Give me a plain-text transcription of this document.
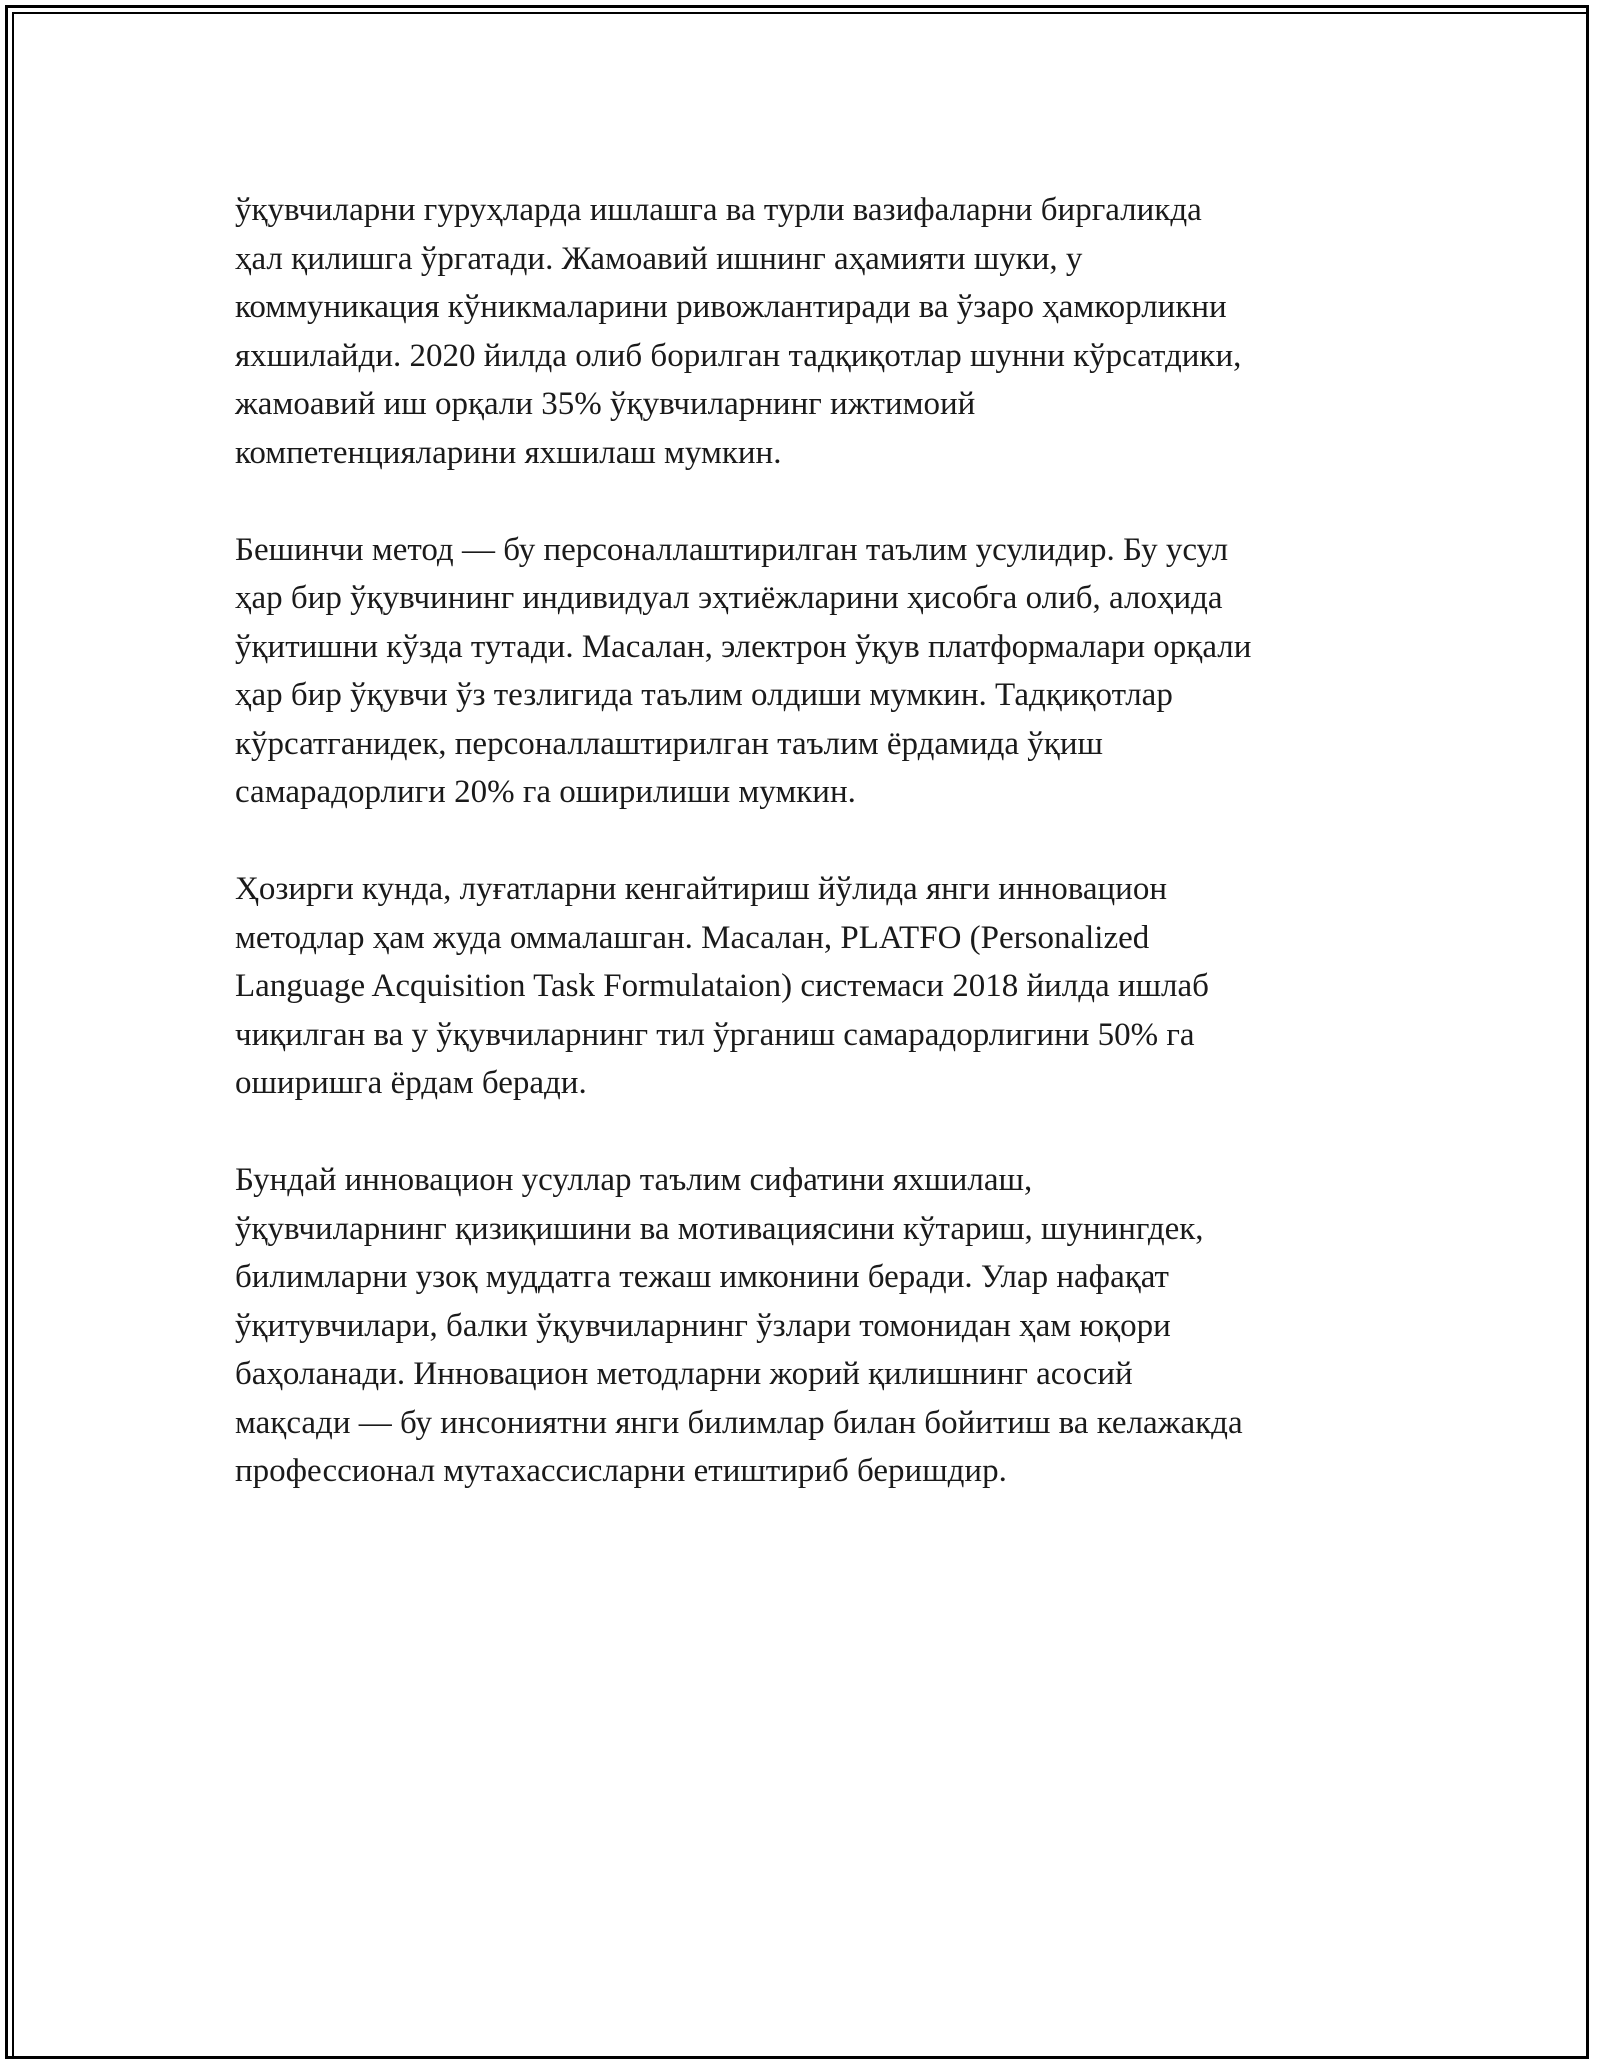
ўқувчиларни гуруҳларда ишлашга ва турли вазифаларни биргаликда
ҳал қилишга ўргатади. Жамоавий ишнинг аҳамияти шуки, у
коммуникация кўникмаларини ривожлантиради ва ўзаро ҳамкорликни
яхшилайди. 2020 йилда олиб борилган тадқиқотлар шунни кўрсатдики,
жамоавий иш орқали 35% ўқувчиларнинг ижтимоий
компетенцияларини яхшилаш мумкин.

Бешинчи метод — бу персоналлаштирилган таълим усулидир. Бу усул
ҳар бир ўқувчининг индивидуал эҳтиёжларини ҳисобга олиб, алоҳида
ўқитишни кўзда тутади. Масалан, электрон ўқув платформалари орқали
ҳар бир ўқувчи ўз тезлигида таълим олдиши мумкин. Тадқиқотлар
кўрсатганидек, персоналлаштирилган таълим ёрдамида ўқиш
самарадорлиги 20% га оширилиши мумкин.

Ҳозирги кунда, луғатларни кенгайтириш йўлида янги инновацион
методлар ҳам жуда оммалашган. Масалан, PLATFO (Personalized
Language Acquisition Task Formulataion) системаси 2018 йилда ишлаб
чиқилган ва у ўқувчиларнинг тил ўрганиш самарадорлигини 50% га
оширишга ёрдам беради.

Бундай инновацион усуллар таълим сифатини яхшилаш,
ўқувчиларнинг қизиқишини ва мотивациясини кўтариш, шунингдек,
билимларни узоқ муддатга тежаш имконини беради. Улар нафақат
ўқитувчилари, балки ўқувчиларнинг ўзлари томонидан ҳам юқори
баҳоланади. Инновацион методларни жорий қилишнинг асосий
мақсади — бу инсониятни янги билимлар билан бойитиш ва келажакда
профессионал мутахассисларни етиштириб беришдир.
